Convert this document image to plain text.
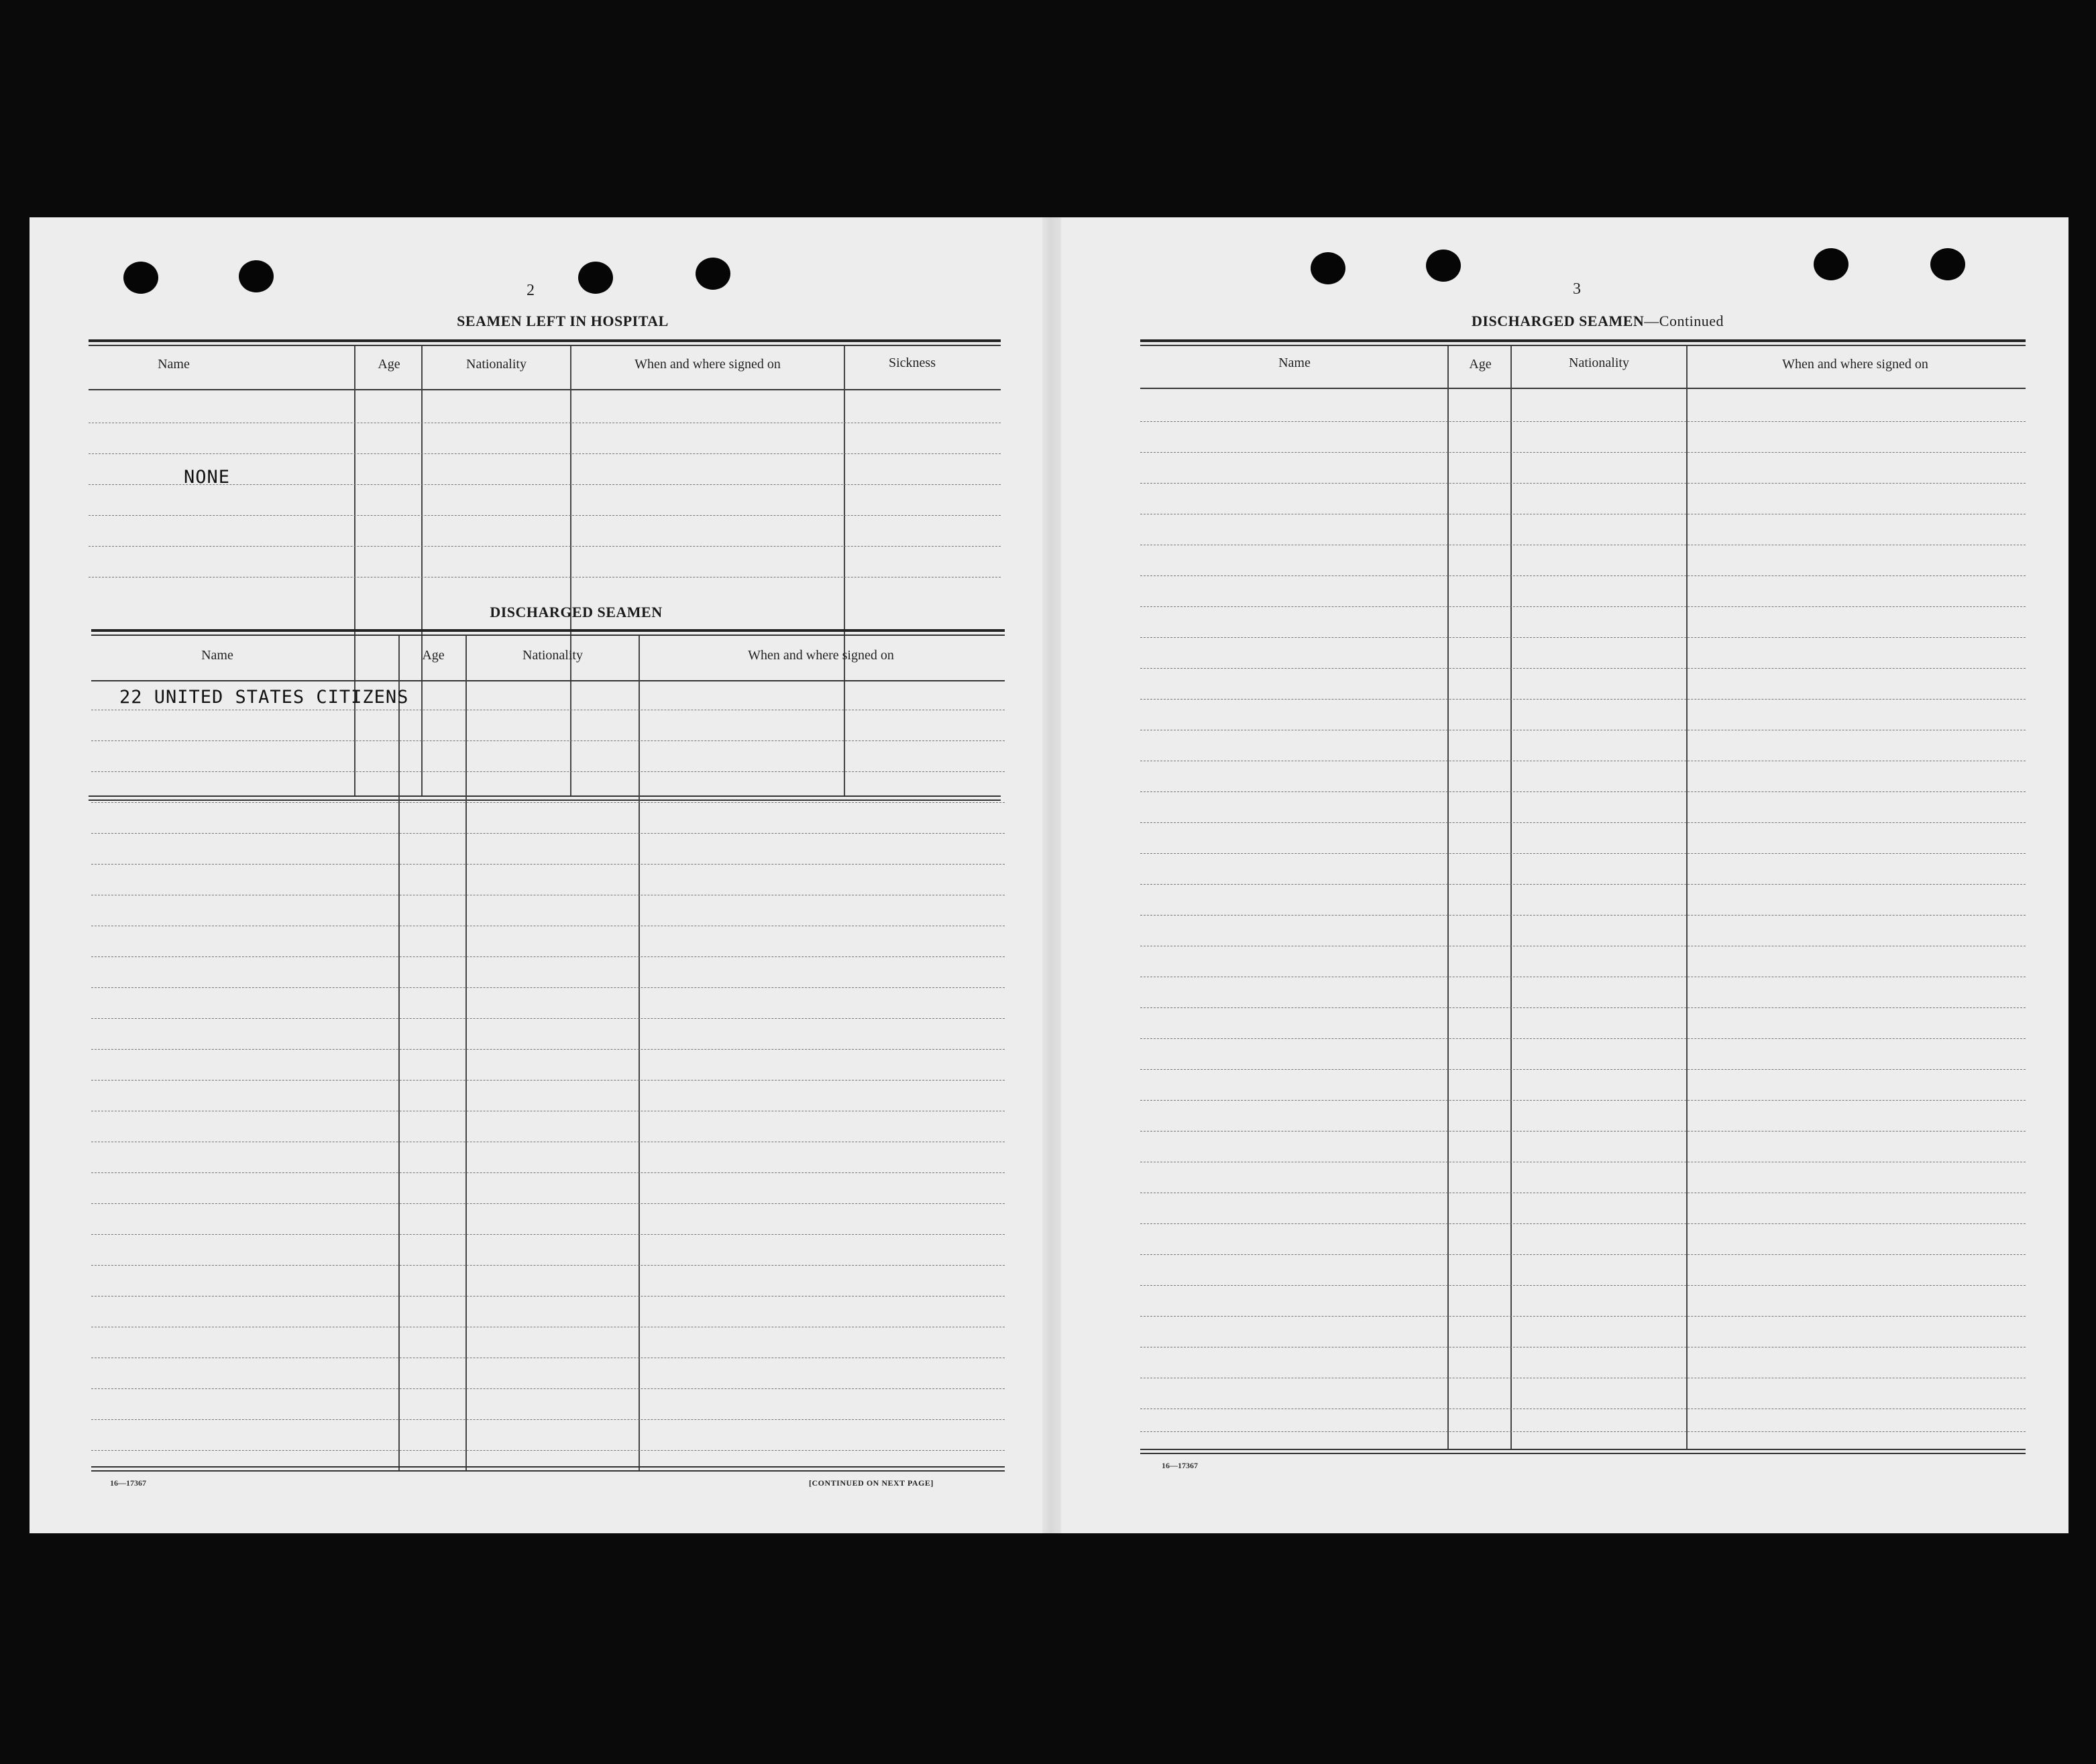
2
SEAMEN LEFT IN HOSPITAL
Name	Age	Nationality	When and where signed on	Sickness
NONE
DISCHARGED SEAMEN
Name	Age	Nationality	When and where signed on
22 UNITED STATES CITIZENS
16—17367	[CONTINUED ON NEXT PAGE]
3
DISCHARGED SEAMEN—Continued
Name	Age	Nationality	When and where signed on
16—17367
